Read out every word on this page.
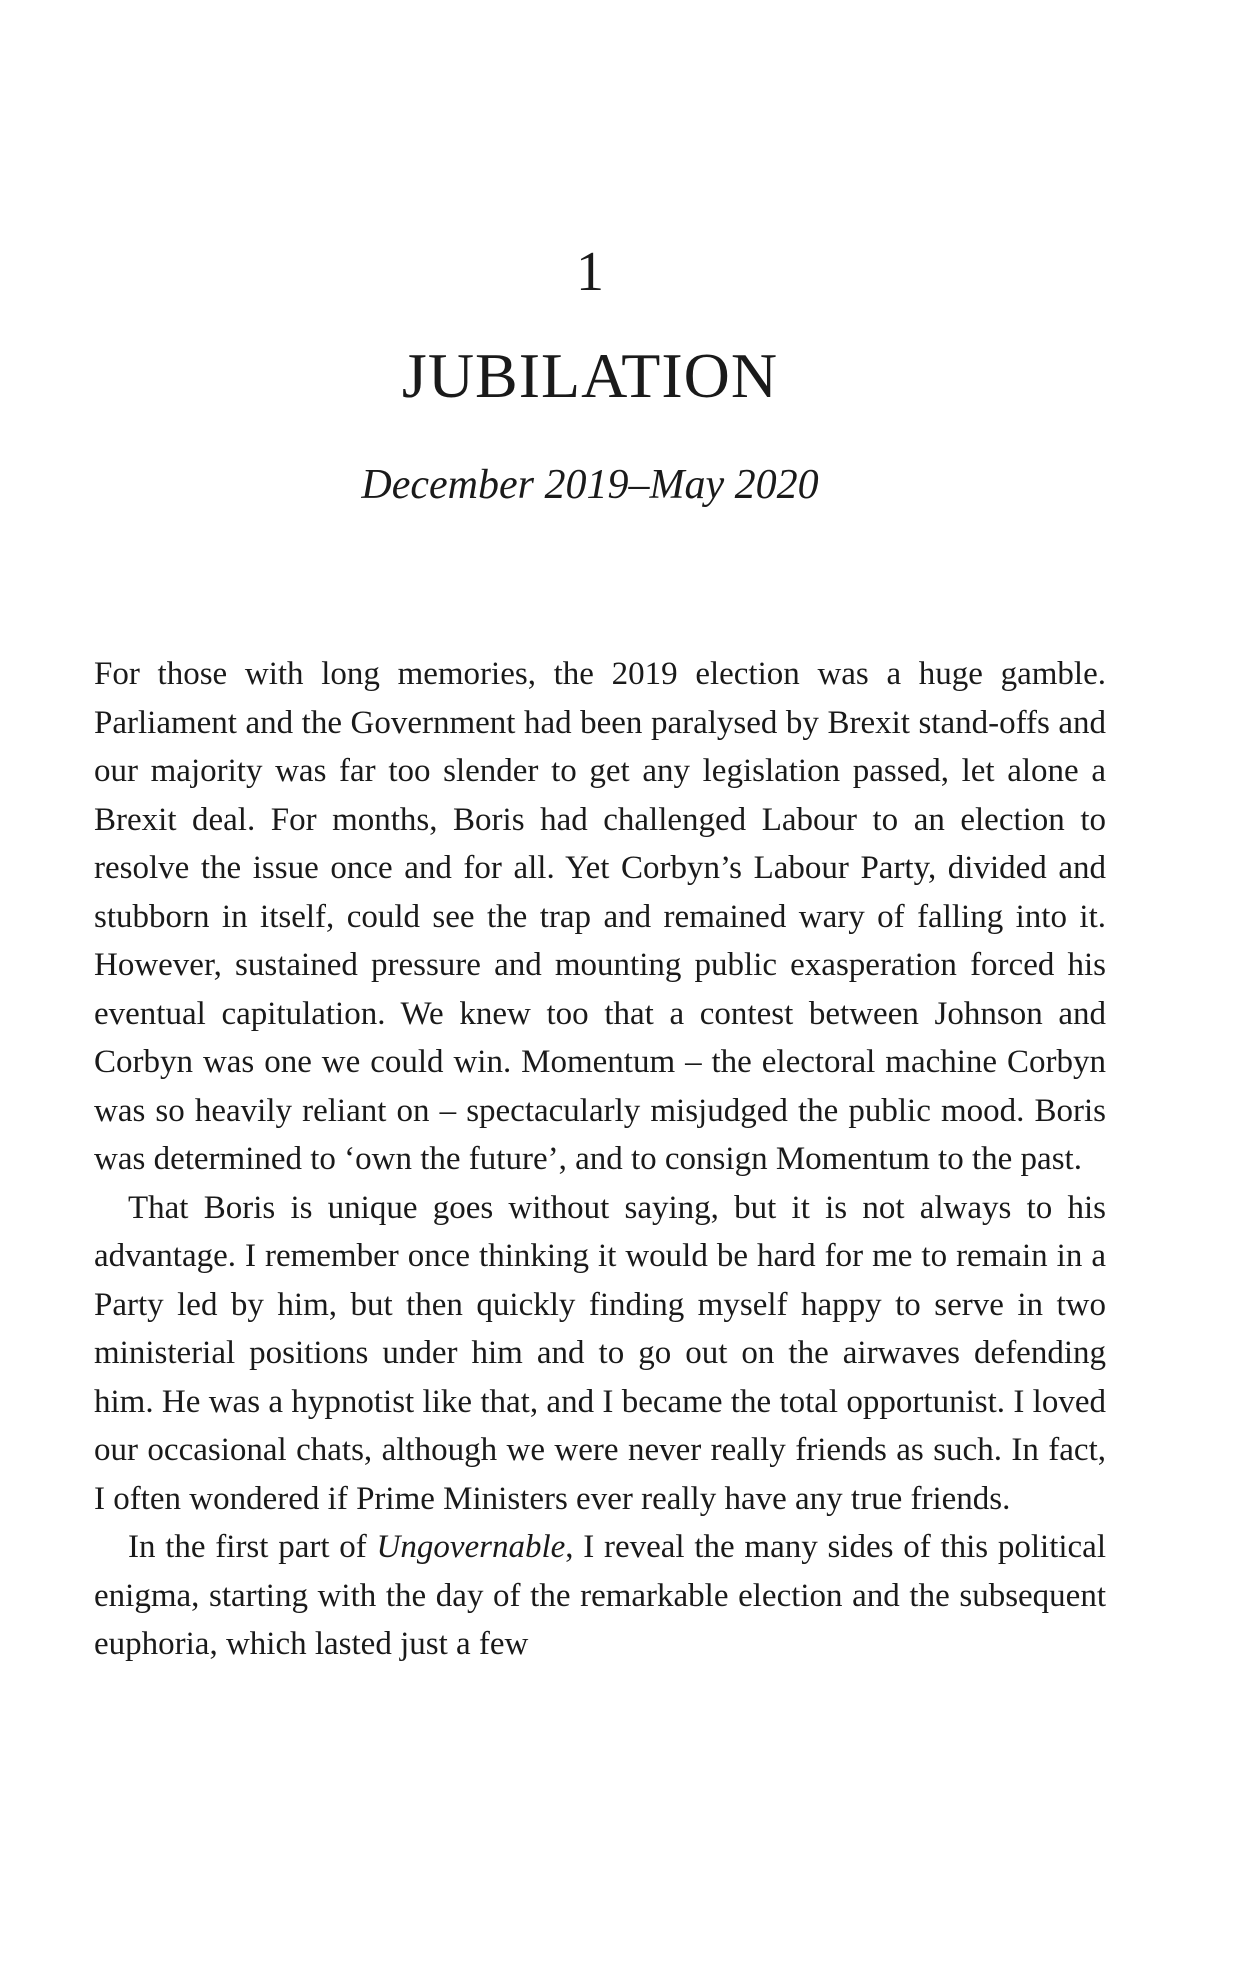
1
JUBILATION
December 2019–May 2020

For those with long memories, the 2019 election was a huge gamble. Parliament and the Government had been paralysed by Brexit stand-offs and our majority was far too slender to get any legislation passed, let alone a Brexit deal. For months, Boris had challenged Labour to an election to resolve the issue once and for all. Yet Corbyn’s Labour Party, divided and stubborn in itself, could see the trap and remained wary of falling into it. However, sustained pressure and mounting public exasperation forced his eventual capitulation. We knew too that a contest between Johnson and Corbyn was one we could win. Momentum – the electoral machine Corbyn was so heavily reliant on – spectacularly misjudged the public mood. Boris was determined to ‘own the future’, and to consign Momentum to the past.

That Boris is unique goes without saying, but it is not always to his advantage. I remember once thinking it would be hard for me to remain in a Party led by him, but then quickly finding myself happy to serve in two ministerial positions under him and to go out on the airwaves defending him. He was a hypnotist like that, and I became the total opportunist. I loved our occasional chats, although we were never really friends as such. In fact, I often wondered if Prime Ministers ever really have any true friends.

In the first part of Ungovernable, I reveal the many sides of this political enigma, starting with the day of the remarkable election and the subsequent euphoria, which lasted just a few
